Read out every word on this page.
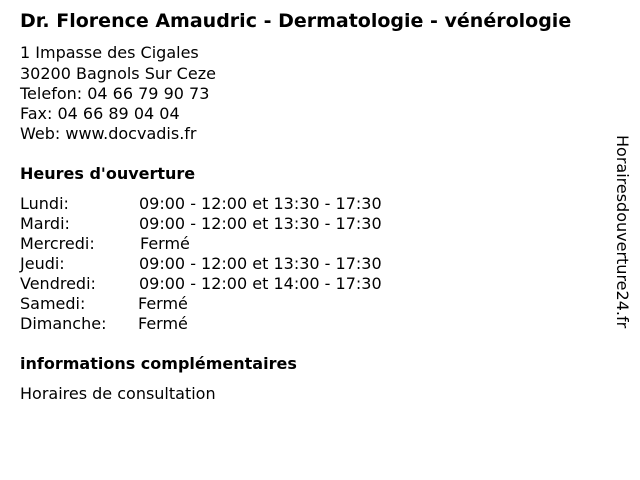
Dr. Florence Amaudric - Dermatologie - vénérologie
1 Impasse des Cigales
30200 Bagnols Sur Ceze
Telefon: 04 66 79 90 73
Fax: 04 66 89 04 04
Web: www.docvadis.fr
Heures d'ouverture
Lundi:	09:00 - 12:00 et 13:30 - 17:30
Mardi:	09:00 - 12:00 et 13:30 - 17:30
Mercredi:	Fermé
Jeudi:	09:00 - 12:00 et 13:30 - 17:30
Vendredi:	09:00 - 12:00 et 14:00 - 17:30
Samedi:	Fermé
Dimanche: Fermé
informations complémentaires
Horaires de consultation
Horairesdouverture24.fr
